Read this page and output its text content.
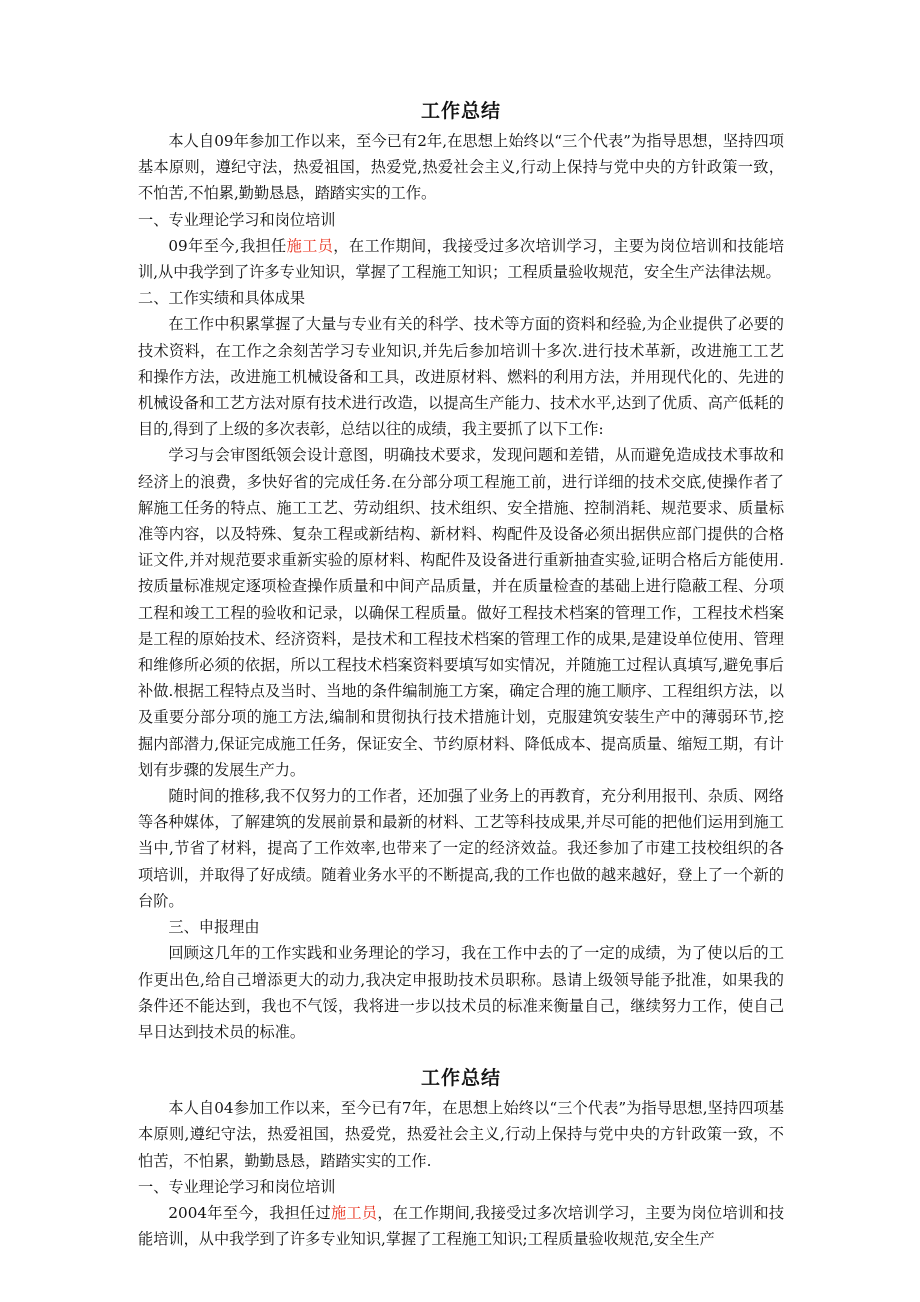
工作总结

本人自09年参加工作以来，至今已有2年,在思想上始终以“三个代表”为指导思想，坚持四项基本原则，遵纪守法，热爱祖国，热爱党,热爱社会主义,行动上保持与党中央的方针政策一致，不怕苦,不怕累,勤勤恳恳，踏踏实实的工作。

一、专业理论学习和岗位培训

09年至今,我担任施工员，在工作期间，我接受过多次培训学习，主要为岗位培训和技能培训,从中我学到了许多专业知识，掌握了工程施工知识；工程质量验收规范，安全生产法律法规。

二、工作实绩和具体成果

在工作中积累掌握了大量与专业有关的科学、技术等方面的资料和经验,为企业提供了必要的技术资料，在工作之余刻苦学习专业知识,并先后参加培训十多次.进行技术革新，改进施工工艺和操作方法，改进施工机械设备和工具，改进原材料、燃料的利用方法，并用现代化的、先进的机械设备和工艺方法对原有技术进行改造，以提高生产能力、技术水平,达到了优质、高产低耗的目的,得到了上级的多次表彰，总结以往的成绩，我主要抓了以下工作:

学习与会审图纸领会设计意图，明确技术要求，发现问题和差错，从而避免造成技术事故和经济上的浪费，多快好省的完成任务.在分部分项工程施工前，进行详细的技术交底,使操作者了解施工任务的特点、施工工艺、劳动组织、技术组织、安全措施、控制消耗、规范要求、质量标准等内容，以及特殊、复杂工程或新结构、新材料、构配件及设备必须出据供应部门提供的合格证文件,并对规范要求重新实验的原材料、构配件及设备进行重新抽查实验,证明合格后方能使用.按质量标准规定逐项检查操作质量和中间产品质量，并在质量检查的基础上进行隐蔽工程、分项工程和竣工工程的验收和记录，以确保工程质量。做好工程技术档案的管理工作，工程技术档案是工程的原始技术、经济资料，是技术和工程技术档案的管理工作的成果,是建设单位使用、管理和维修所必须的依据，所以工程技术档案资料要填写如实情况，并随施工过程认真填写,避免事后补做.根据工程特点及当时、当地的条件编制施工方案，确定合理的施工顺序、工程组织方法，以及重要分部分项的施工方法,编制和贯彻执行技术措施计划，克服建筑安装生产中的薄弱环节,挖掘内部潜力,保证完成施工任务，保证安全、节约原材料、降低成本、提高质量、缩短工期，有计划有步骤的发展生产力。

随时间的推移,我不仅努力的工作者，还加强了业务上的再教育，充分利用报刊、杂质、网络等各种媒体，了解建筑的发展前景和最新的材料、工艺等科技成果,并尽可能的把他们运用到施工当中,节省了材料，提高了工作效率,也带来了一定的经济效益。我还参加了市建工技校组织的各项培训，并取得了好成绩。随着业务水平的不断提高,我的工作也做的越来越好，登上了一个新的台阶。

三、申报理由

回顾这几年的工作实践和业务理论的学习，我在工作中去的了一定的成绩，为了使以后的工作更出色,给自己增添更大的动力,我决定申报助技术员职称。恳请上级领导能予批准，如果我的条件还不能达到，我也不气馁，我将进一步以技术员的标准来衡量自己，继续努力工作，使自己早日达到技术员的标准。

工作总结

本人自04参加工作以来，至今已有7年，在思想上始终以“三个代表”为指导思想,坚持四项基本原则,遵纪守法，热爱祖国，热爱党，热爱社会主义,行动上保持与党中央的方针政策一致，不怕苦，不怕累，勤勤恳恳，踏踏实实的工作.

一、专业理论学习和岗位培训

2004年至今，我担任过施工员，在工作期间,我接受过多次培训学习，主要为岗位培训和技能培训，从中我学到了许多专业知识,掌握了工程施工知识;工程质量验收规范,安全生产
